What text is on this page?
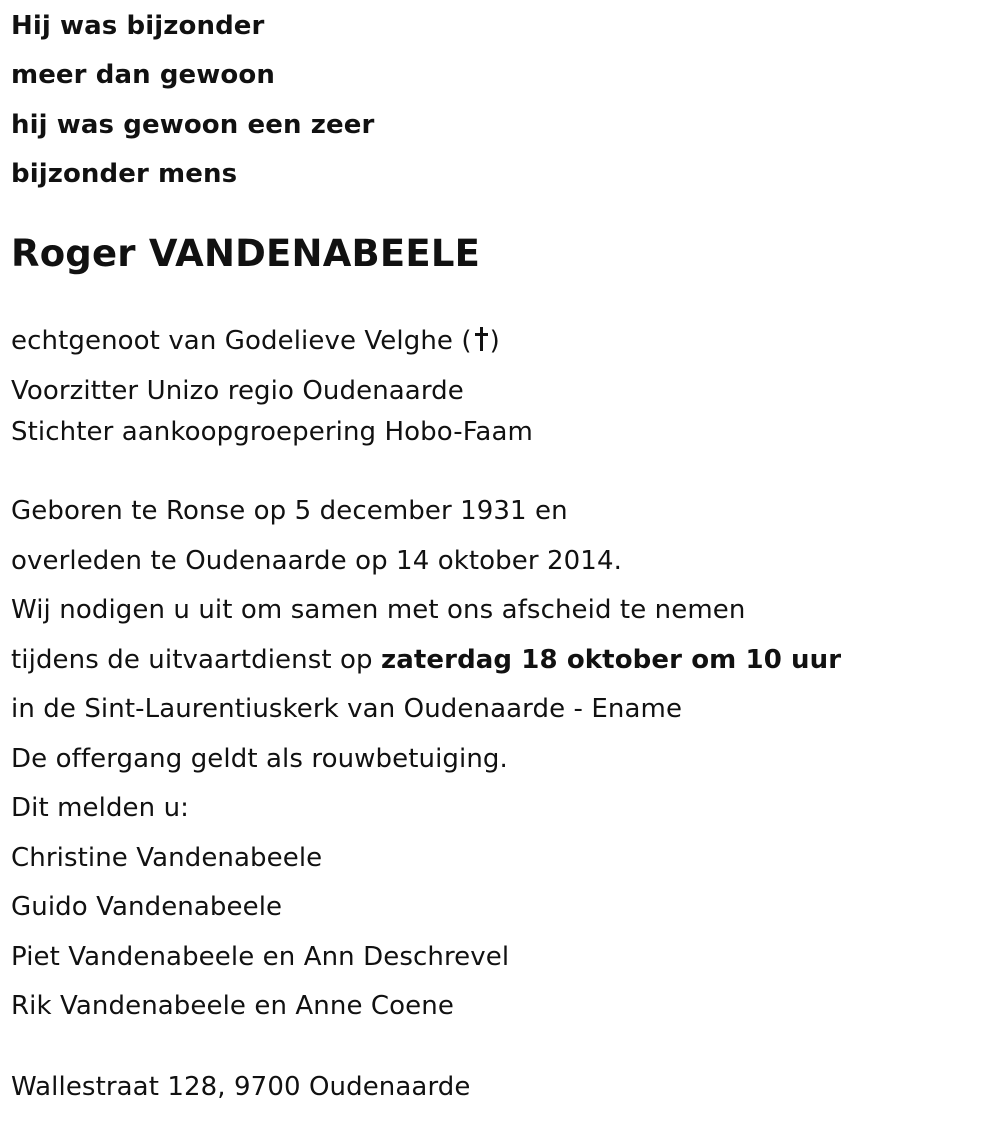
Hij was bijzonder
meer dan gewoon
hij was gewoon een zeer
bijzonder mens
Roger VANDENABEELE
echtgenoot van Godelieve Velghe ( )
Voorzitter Unizo regio Oudenaarde
Stichter aankoopgroepering Hobo-Faam
Geboren te Ronse op 5 december 1931 en
overleden te Oudenaarde op 14 oktober 2014.
Wij nodigen u uit om samen met ons afscheid te nemen
tijdens de uitvaartdienst op zaterdag 18 oktober om 10 uur
in de Sint-Laurentiuskerk van Oudenaarde - Ename
De offergang geldt als rouwbetuiging.
Dit melden u:
Christine Vandenabeele
Guido Vandenabeele
Piet Vandenabeele en Ann Deschrevel
Rik Vandenabeele en Anne Coene
Wallestraat 128, 9700 Oudenaarde
